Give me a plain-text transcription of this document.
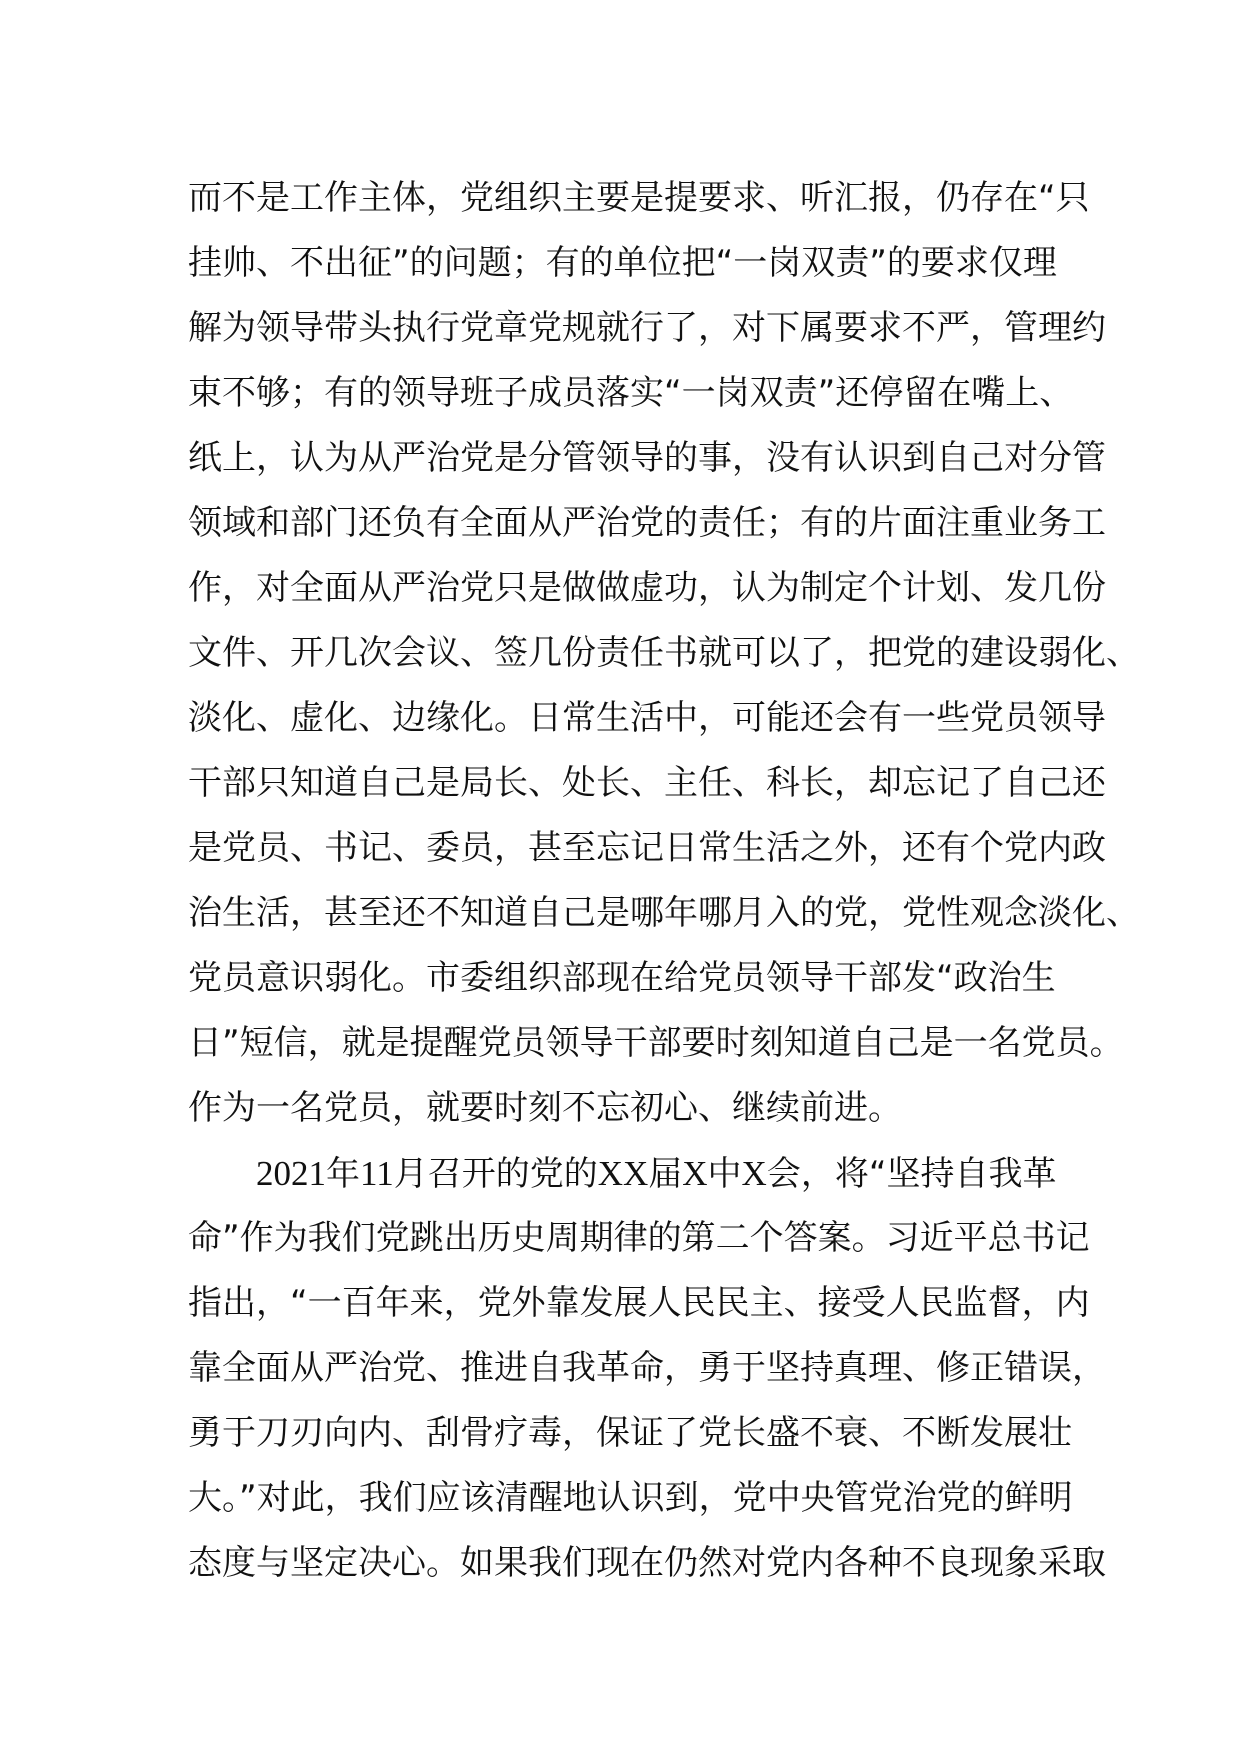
而不是工作主体，党组织主要是提要求、听汇报，仍存在“只
挂帅、不出征”的问题；有的单位把“一岗双责”的要求仅理
解为领导带头执行党章党规就行了，对下属要求不严，管理约
束不够；有的领导班子成员落实“一岗双责”还停留在嘴上、
纸上，认为从严治党是分管领导的事，没有认识到自己对分管
领域和部门还负有全面从严治党的责任；有的片面注重业务工
作，对全面从严治党只是做做虚功，认为制定个计划、发几份
文件、开几次会议、签几份责任书就可以了，把党的建设弱化、
淡化、虚化、边缘化。日常生活中，可能还会有一些党员领导
干部只知道自己是局长、处长、主任、科长，却忘记了自己还
是党员、书记、委员，甚至忘记日常生活之外，还有个党内政
治生活，甚至还不知道自己是哪年哪月入的党，党性观念淡化、
党员意识弱化。市委组织部现在给党员领导干部发“政治生
日”短信，就是提醒党员领导干部要时刻知道自己是一名党员。
作为一名党员，就要时刻不忘初心、继续前进。
2021年11月召开的党的XX届X中X会，将“坚持自我革
命”作为我们党跳出历史周期律的第二个答案。习近平总书记
指出，“一百年来，党外靠发展人民民主、接受人民监督，内
靠全面从严治党、推进自我革命，勇于坚持真理、修正错误，
勇于刀刃向内、刮骨疗毒，保证了党长盛不衰、不断发展壮
大。”对此，我们应该清醒地认识到，党中央管党治党的鲜明
态度与坚定决心。如果我们现在仍然对党内各种不良现象采取
